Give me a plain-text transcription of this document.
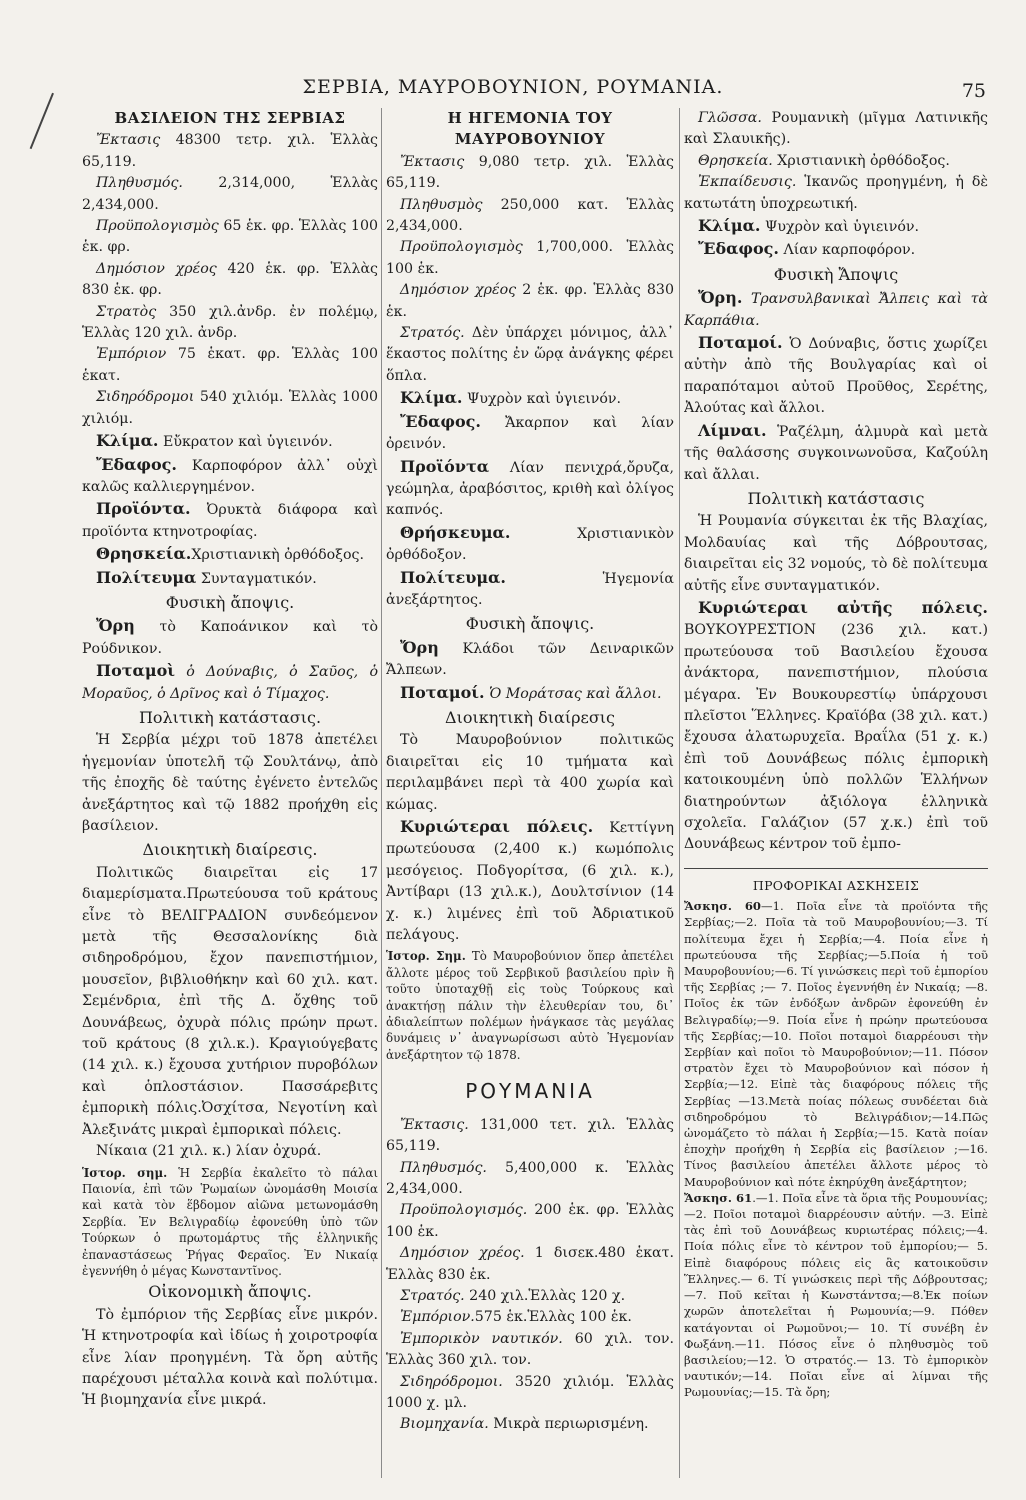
ΣΕΡΒΙΑ, ΜΑΥΡΟΒΟΥΝΙΟΝ, ΡΟΥΜΑΝΙΑ.	75
ΒΑΣΙΛΕΙΟΝ ΤΗΣ ΣΕΡΒΙΑΣ

Ἔκτασις 48300 τετρ. χιλ. Ἑλλὰς 65,119.

Πληθυσμός. 2,314,000, Ἑλλὰς 2,434,000.

Προϋπολογισμὸς 65 ἑκ. φρ. Ἑλλὰς 100 ἑκ. φρ.

Δημόσιον χρέος 420 ἑκ. φρ. Ἑλλὰς 830 ἑκ. φρ.

Στρατὸς 350 χιλ.ἀνδρ. ἐν πολέμῳ, Ἑλλὰς 120 χιλ. ἀνδρ.

Ἐμπόριον 75 ἑκατ. φρ. Ἑλλὰς 100 ἑκατ.

Σιδηρόδρομοι 540 χιλιόμ. Ἑλλὰς 1000 χιλιόμ.

Κλίμα. Εὔκρατον καὶ ὑγιεινόν.

Ἔδαφος. Καρποφόρον ἀλλ᾽ οὐχὶ καλῶς καλλιεργημένον.

Προϊόντα. Ὀρυκτὰ διάφορα καὶ προϊόντα κτηνοτροφίας.

Θρησκεία.Χριστιανικὴ ὀρθόδοξος.

Πολίτευμα Συνταγματικόν.

Φυσικὴ ἄποψις.

Ὄρη τὸ Καποάνικον καὶ τὸ Ρούδνικον.

Ποταμοὶ ὁ Δούναβις, ὁ Σαῦος, ὁ Μοραῦος, ὁ Δρῖνος καὶ ὁ Τίμαχος.

Πολιτικὴ κατάστασις.

Ἡ Σερβία μέχρι τοῦ 1878 ἀπετέλει ἡγεμονίαν ὑποτελῆ τῷ Σουλτάνῳ, ἀπὸ τῆς ἐποχῆς δὲ ταύτης ἐγένετο ἐντελῶς ἀνεξάρτητος καὶ τῷ 1882 προήχθη εἰς βασίλειον.

Διοικητικὴ διαίρεσις.

Πολιτικῶς διαιρεῖται εἰς 17 διαμερίσματα.Πρωτεύουσα τοῦ κράτους εἶνε τὸ ΒΕΛΙΓΡΑΔΙΟΝ συνδεόμενον μετὰ τῆς Θεσσαλονίκης διὰ σιδηροδρόμου, ἔχον πανεπιστήμιον, μουσεῖον, βιβλιοθήκην καὶ 60 χιλ. κατ. Σεμένδρια, ἐπὶ τῆς Δ. ὄχθης τοῦ Δουνάβεως, ὀχυρὰ πόλις πρώην πρωτ. τοῦ κράτους (8 χιλ.κ.). Κραγιούγεβατς (14 χιλ. κ.) ἔχουσα χυτήριον πυροβόλων καὶ ὁπλοστάσιον. Πασσάρεβιτς ἐμπορικὴ πόλις.Ὀσχίτσα, Νεγοτίνη καὶ Ἀλεξινάτς μικραὶ ἐμπορικαὶ πόλεις.

Νίκαια (21 χιλ. κ.) λίαν ὀχυρά.

Ἱστορ. σημ. Ἡ Σερβία ἐκαλεῖτο τὸ πάλαι Παιονία, ἐπὶ τῶν Ῥωμαίων ὠνομάσθη Μοισία καὶ κατὰ τὸν ἕβδομον αἰῶνα μετωνομάσθη Σερβία. Ἐν Βελιγραδίῳ ἐφονεύθη ὑπὸ τῶν Τούρκων ὁ πρωτομάρτυς τῆς ἑλληνικῆς ἐπαναστάσεως Ῥήγας Φεραῖος. Ἐν Νικαίᾳ ἐγεννήθη ὁ μέγας Κωνσταντῖνος.

Οἰκονομικὴ ἄποψις.

Τὸ ἐμπόριον τῆς Σερβίας εἶνε μικρόν. Ἡ κτηνοτροφία καὶ ἰδίως ἡ χοιροτροφία εἶνε λίαν προηγμένη. Τὰ ὄρη αὐτῆς παρέχουσι μέταλλα κοινὰ καὶ πολύτιμα. Ἡ βιομηχανία εἶνε μικρά.

Η ΗΓΕΜΟΝΙΑ ΤΟΥ ΜΑΥΡΟΒΟΥΝΙΟΥ

Ἔκτασις 9,080 τετρ. χιλ. Ἑλλὰς 65,119.

Πληθυσμὸς 250,000 κατ. Ἑλλὰς 2,434,000.

Προϋπολογισμὸς 1,700,000. Ἑλλὰς 100 ἑκ.

Δημόσιον χρέος 2 ἑκ. φρ. Ἑλλὰς 830 ἑκ.

Στρατός. Δὲν ὑπάρχει μόνιμος, ἀλλ᾽ ἕκαστος πολίτης ἐν ὥρᾳ ἀνάγκης φέρει ὅπλα.

Κλίμα. Ψυχρὸν καὶ ὑγιεινόν.

Ἔδαφος. Ἄκαρπον καὶ λίαν ὀρεινόν.

Προϊόντα Λίαν πενιχρά,ὄρυζα, γεώμηλα, ἀραβόσιτος, κριθὴ καὶ ὀλίγος καπνός.

Θρήσκευμα.	Χριστιανικὸν ὀρθόδοξον.

Πολίτευμα.	Ἡγεμονία ἀνεξάρτητος.

Φυσικὴ ἄποψις.

Ὄρη Κλάδοι τῶν Δειναρικῶν Ἄλπεων.

Ποταμοί. Ὁ Μοράτσας καὶ ἄλλοι.

Διοικητικὴ διαίρεσις

Τὸ Μαυροβούνιον πολιτικῶς διαιρεῖται εἰς 10 τμήματα καὶ περιλαμβάνει περὶ τὰ 400 χωρία καὶ κώμας.

Κυριώτεραι πόλεις. Κεττίγνη πρωτεύουσα (2,400 κ.) κωμόπολις μεσόγειος. Ποδγορίτσα, (6 χιλ. κ.), Ἀντίβαρι (13 χιλ.κ.), Δουλτσίνιον (14 χ. κ.) λιμένες ἐπὶ τοῦ Ἀδριατικοῦ πελάγους.

Ἱστορ. Σημ. Τὸ Μαυροβούνιον ὅπερ ἀπετέλει ἄλλοτε μέρος τοῦ Σερβικοῦ βασιλείου πρὶν ἢ τοῦτο ὑποταχθῇ εἰς τοὺς Τούρκους καὶ ἀνακτήσῃ πάλιν τὴν ἐλευθερίαν του, δι᾽ ἀδιαλείπτων πολέμων ἠνάγκασε τὰς μεγάλας δυνάμεις ν᾽ ἀναγνωρίσωσι αὐτὸ Ἡγεμονίαν ἀνεξάρτητον τῷ 1878.

ΡΟΥΜΑΝΙΑ

Ἔκτασις. 131,000 τετ. χιλ. Ἑλλὰς 65,119.

Πληθυσμός. 5,400,000 κ. Ἑλλὰς 2,434,000.

Προϋπολογισμός. 200 ἑκ. φρ. Ἑλλὰς 100 ἑκ.

Δημόσιον χρέος. 1 δισεκ.480 ἑκατ. Ἑλλὰς 830 ἑκ.

Στρατός. 240 χιλ.Ἑλλὰς 120 χ.

Ἐμπόριον.575 ἑκ.Ἑλλὰς 100 ἑκ.

Ἐμπορικὸν ναυτικόν. 60 χιλ. τον. Ἑλλὰς 360 χιλ. τον.

Σιδηρόδρομοι. 3520 χιλιόμ. Ἑλλὰς 1000 χ. μλ.

Βιομηχανία. Μικρὰ περιωρισμένη.

Γλῶσσα. Ρουμανικὴ (μῖγμα Λατινικῆς καὶ Σλαυικῆς).

Θρησκεία. Χριστιανικὴ ὀρθόδοξος.

Ἐκπαίδευσις. Ἱκανῶς προηγμένη, ἡ δὲ κατωτάτη ὑποχρεωτική.

Κλίμα. Ψυχρὸν καὶ ὑγιεινόν.

Ἔδαφος. Λίαν καρποφόρον.

Φυσικὴ Ἄποψις

Ὄρη. Τρανσυλβανικαὶ Ἄλπεις καὶ τὰ Καρπάθια.

Ποταμοί. Ὁ Δούναβις, ὅστις χωρίζει αὐτὴν ἀπὸ τῆς Βουλγαρίας καὶ οἱ παραπόταμοι αὐτοῦ Προῦθος, Σερέτης, Ἀλούτας καὶ ἄλλοι.

Λίμναι. Ῥαζέλμη, ἁλμυρὰ καὶ μετὰ τῆς θαλάσσης συγκοινωνοῦσα, Καζούλη καὶ ἄλλαι.

Πολιτικὴ κατάστασις

Ἡ Ρουμανία σύγκειται ἐκ τῆς Βλαχίας, Μολδαυίας καὶ τῆς Δόβρουτσας, διαιρεῖται εἰς 32 νομούς, τὸ δὲ πολίτευμα αὐτῆς εἶνε συνταγματικόν.

Κυριώτεραι αὐτῆς πόλεις. ΒΟΥΚΟΥΡΕΣΤΙΟΝ (236 χιλ. κατ.) πρωτεύουσα τοῦ Βασιλείου ἔχουσα ἀνάκτορα, πανεπιστήμιον, πλούσια μέγαρα. Ἐν Βουκουρεστίῳ ὑπάρχουσι πλεῖστοι Ἕλληνες. Κραϊόβα (38 χιλ. κατ.) ἔχουσα ἁλατωρυχεῖα. Βραΐλα (51 χ. κ.) ἐπὶ τοῦ Δουνάβεως πόλις ἐμπορικὴ κατοικουμένη ὑπὸ πολλῶν Ἑλλήνων διατηρούντων ἀξιόλογα ἑλληνικὰ σχολεῖα. Γαλάζιον (57 χ.κ.) ἐπὶ τοῦ Δουνάβεως κέντρον τοῦ ἐμπο-

ΠΡΟΦΟΡΙΚΑΙ ΑΣΚΗΣΕΙΣ

Ἄσκησ. 60—1. Ποῖα εἶνε τὰ προϊόντα τῆς Σερβίας;—2. Ποῖα τὰ τοῦ Μαυροβουνίου;—3. Τί πολίτευμα ἔχει ἡ Σερβία;—4. Ποία εἶνε ἡ πρωτεύουσα τῆς Σερβίας;—5.Ποία ἡ τοῦ Μαυροβουνίου;—6. Τί γινώσκεις περὶ τοῦ ἐμπορίου τῆς Σερβίας ;— 7. Ποῖος ἐγεννήθη ἐν Νικαίᾳ; —8. Ποῖος ἐκ τῶν ἐνδόξων ἀνδρῶν ἐφονεύθη ἐν Βελιγραδίῳ;—9. Ποία εἶνε ἡ πρώην πρωτεύουσα τῆς Σερβίας;—10. Ποῖοι ποταμοὶ διαρρέουσι τὴν Σερβίαν καὶ ποῖοι τὸ Μαυροβούνιον;—11. Πόσον στρατὸν ἔχει τὸ Μαυροβούνιον καὶ πόσον ἡ Σερβία;—12. Εἰπὲ τὰς διαφόρους πόλεις τῆς Σερβίας —13.Μετὰ ποίας πόλεως συνδέεται διὰ σιδηροδρόμου τὸ Βελιγράδιον;—14.Πῶς ὠνομάζετο τὸ πάλαι ἡ Σερβία;—15. Κατὰ ποίαν ἐποχὴν προήχθη ἡ Σερβία εἰς βασίλειον ;—16. Τίνος βασιλείου ἀπετέλει ἄλλοτε μέρος τὸ Μαυροβούνιον καὶ πότε ἐκηρύχθη ἀνεξάρτητον;

Ἄσκησ. 61.—1. Ποῖα εἶνε τὰ ὅρια τῆς Ρουμουνίας;—2. Ποῖοι ποταμοὶ διαρρέουσιν αὐτήν. —3. Εἰπὲ τὰς ἐπὶ τοῦ Δουνάβεως κυριωτέρας πόλεις;—4. Ποία πόλις εἶνε τὸ κέντρον τοῦ ἐμπορίου;— 5. Εἰπὲ διαφόρους πόλεις εἰς ἃς κατοικοῦσιν Ἕλληνες.— 6. Τί γινώσκεις περὶ τῆς Δόβρουτσας;—7. Ποῦ κεῖται ἡ Κωνστάντσα;—8.Ἐκ ποίων χωρῶν ἀποτελεῖται ἡ Ρωμουνία;—9. Πόθεν κατάγονται οἱ Ρωμοῦνοι;— 10. Τί συνέβη ἐν Φωξάνη.—11. Πόσος εἶνε ὁ πληθυσμὸς τοῦ βασιλείου;—12. Ὁ στρατός.— 13. Τὸ ἐμπορικὸν ναυτικόν;—14. Ποῖαι εἶνε αἱ λίμναι τῆς Ρωμουνίας;—15. Τὰ ὄρη;
